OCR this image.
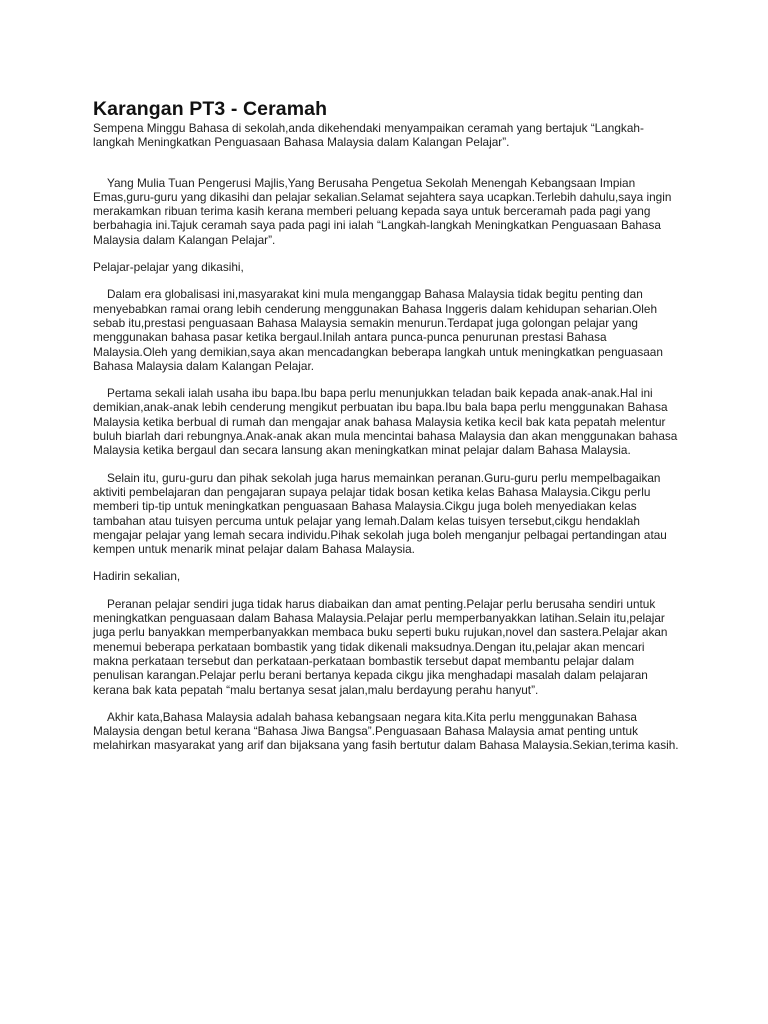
Karangan PT3 - Ceramah

Sempena Minggu Bahasa di sekolah,anda dikehendaki menyampaikan ceramah yang bertajuk “Langkah-langkah Meningkatkan Penguasaan Bahasa Malaysia dalam Kalangan Pelajar”.

Yang Mulia Tuan Pengerusi Majlis,Yang Berusaha Pengetua Sekolah Menengah Kebangsaan Impian Emas,guru-guru yang dikasihi dan pelajar sekalian.Selamat sejahtera saya ucapkan.Terlebih dahulu,saya ingin merakamkan ribuan terima kasih kerana memberi peluang kepada saya untuk berceramah pada pagi yang berbahagia ini.Tajuk ceramah saya pada pagi ini ialah “Langkah-langkah Meningkatkan Penguasaan Bahasa Malaysia dalam Kalangan Pelajar”.

Pelajar-pelajar yang dikasihi,

Dalam era globalisasi ini,masyarakat kini mula menganggap Bahasa Malaysia tidak begitu penting dan menyebabkan ramai orang lebih cenderung menggunakan Bahasa Inggeris dalam kehidupan seharian.Oleh sebab itu,prestasi penguasaan Bahasa Malaysia semakin menurun.Terdapat juga golongan pelajar yang menggunakan bahasa pasar ketika bergaul.Inilah antara punca-punca penurunan prestasi Bahasa Malaysia.Oleh yang demikian,saya akan mencadangkan beberapa langkah untuk meningkatkan penguasaan Bahasa Malaysia dalam Kalangan Pelajar.

Pertama sekali ialah usaha ibu bapa.Ibu bapa perlu menunjukkan teladan baik kepada anak-anak.Hal ini demikian,anak-anak lebih cenderung mengikut perbuatan ibu bapa.Ibu bala bapa perlu menggunakan Bahasa Malaysia ketika berbual di rumah dan mengajar anak bahasa Malaysia ketika kecil bak kata pepatah melentur buluh biarlah dari rebungnya.Anak-anak akan mula mencintai bahasa Malaysia dan akan menggunakan bahasa Malaysia ketika bergaul dan secara lansung akan meningkatkan minat pelajar dalam Bahasa Malaysia.

Selain itu, guru-guru dan pihak sekolah juga harus memainkan peranan.Guru-guru perlu mempelbagaikan aktiviti pembelajaran dan pengajaran supaya pelajar tidak bosan ketika kelas Bahasa Malaysia.Cikgu perlu memberi tip-tip untuk meningkatkan penguasaan Bahasa Malaysia.Cikgu juga boleh menyediakan kelas tambahan atau tuisyen percuma untuk pelajar yang lemah.Dalam kelas tuisyen tersebut,cikgu hendaklah mengajar pelajar yang lemah secara individu.Pihak sekolah juga boleh menganjur pelbagai pertandingan atau kempen untuk menarik minat pelajar dalam Bahasa Malaysia.

Hadirin sekalian,

Peranan pelajar sendiri juga tidak harus diabaikan dan amat penting.Pelajar perlu berusaha sendiri untuk meningkatkan penguasaan dalam Bahasa Malaysia.Pelajar perlu memperbanyakkan latihan.Selain itu,pelajar juga perlu banyakkan memperbanyakkan membaca buku seperti buku rujukan,novel dan sastera.Pelajar akan menemui beberapa perkataan bombastik yang tidak dikenali maksudnya.Dengan itu,pelajar akan mencari makna perkataan tersebut dan perkataan-perkataan bombastik tersebut dapat membantu pelajar dalam penulisan karangan.Pelajar perlu berani bertanya kepada cikgu jika menghadapi masalah dalam pelajaran kerana bak kata pepatah “malu bertanya sesat jalan,malu berdayung perahu hanyut”.

Akhir kata,Bahasa Malaysia adalah bahasa kebangsaan negara kita.Kita perlu menggunakan Bahasa Malaysia dengan betul kerana “Bahasa Jiwa Bangsa”.Penguasaan Bahasa Malaysia amat penting untuk melahirkan masyarakat yang arif dan bijaksana yang fasih bertutur dalam Bahasa Malaysia.Sekian,terima kasih.
